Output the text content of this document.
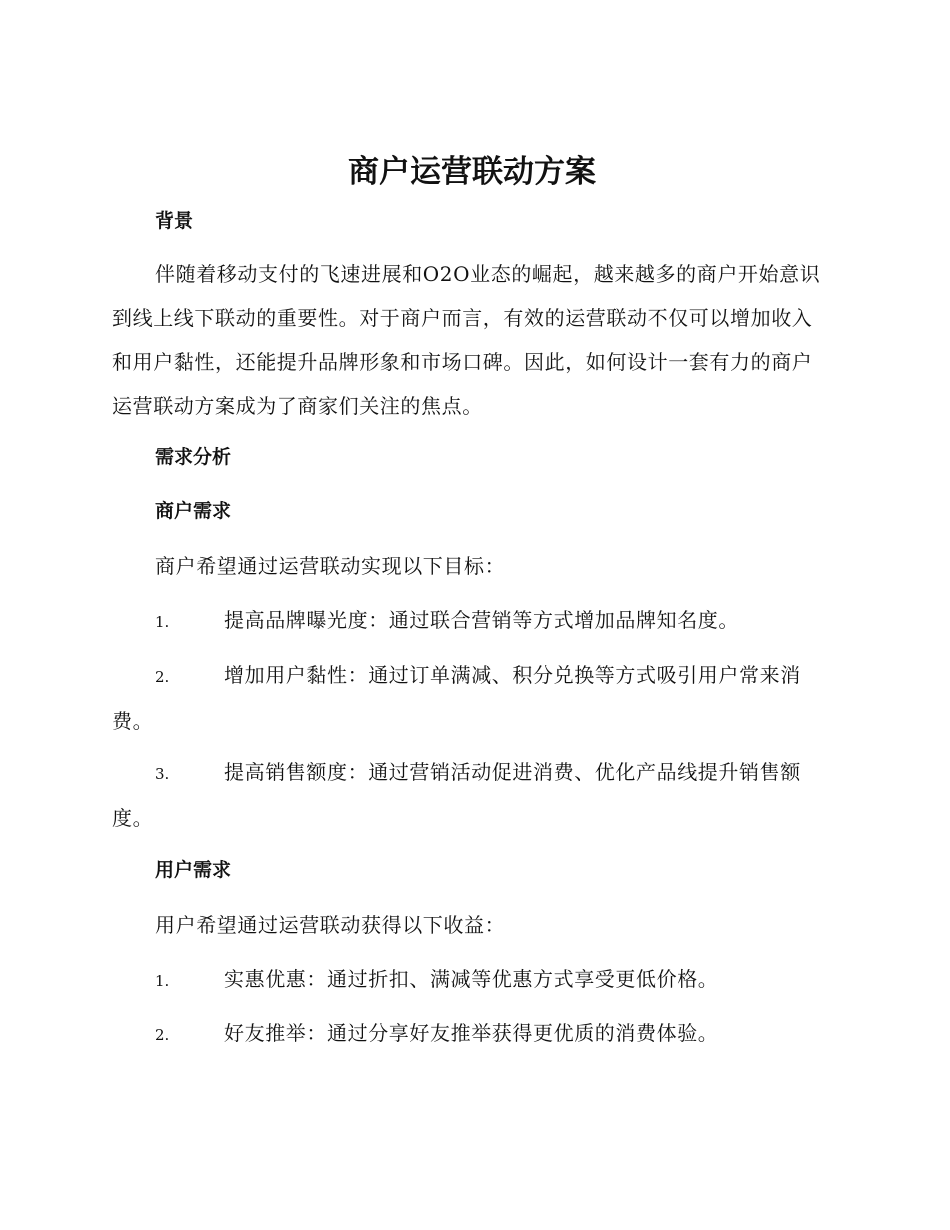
商户运营联动方案
背景

伴随着移动支付的飞速进展和O2O业态的崛起，越来越多的商户开始意识到线上线下联动的重要性。对于商户而言，有效的运营联动不仅可以增加收入和用户黏性，还能提升品牌形象和市场口碑。因此，如何设计一套有力的商户运营联动方案成为了商家们关注的焦点。

需求分析
商户需求

商户希望通过运营联动实现以下目标：

1.	提高品牌曝光度：通过联合营销等方式增加品牌知名度。

2.	增加用户黏性：通过订单满减、积分兑换等方式吸引用户常来消费。

3.	提高销售额度：通过营销活动促进消费、优化产品线提升销售额度。

用户需求

用户希望通过运营联动获得以下收益：

1.	实惠优惠：通过折扣、满减等优惠方式享受更低价格。

2.	好友推举：通过分享好友推举获得更优质的消费体验。
